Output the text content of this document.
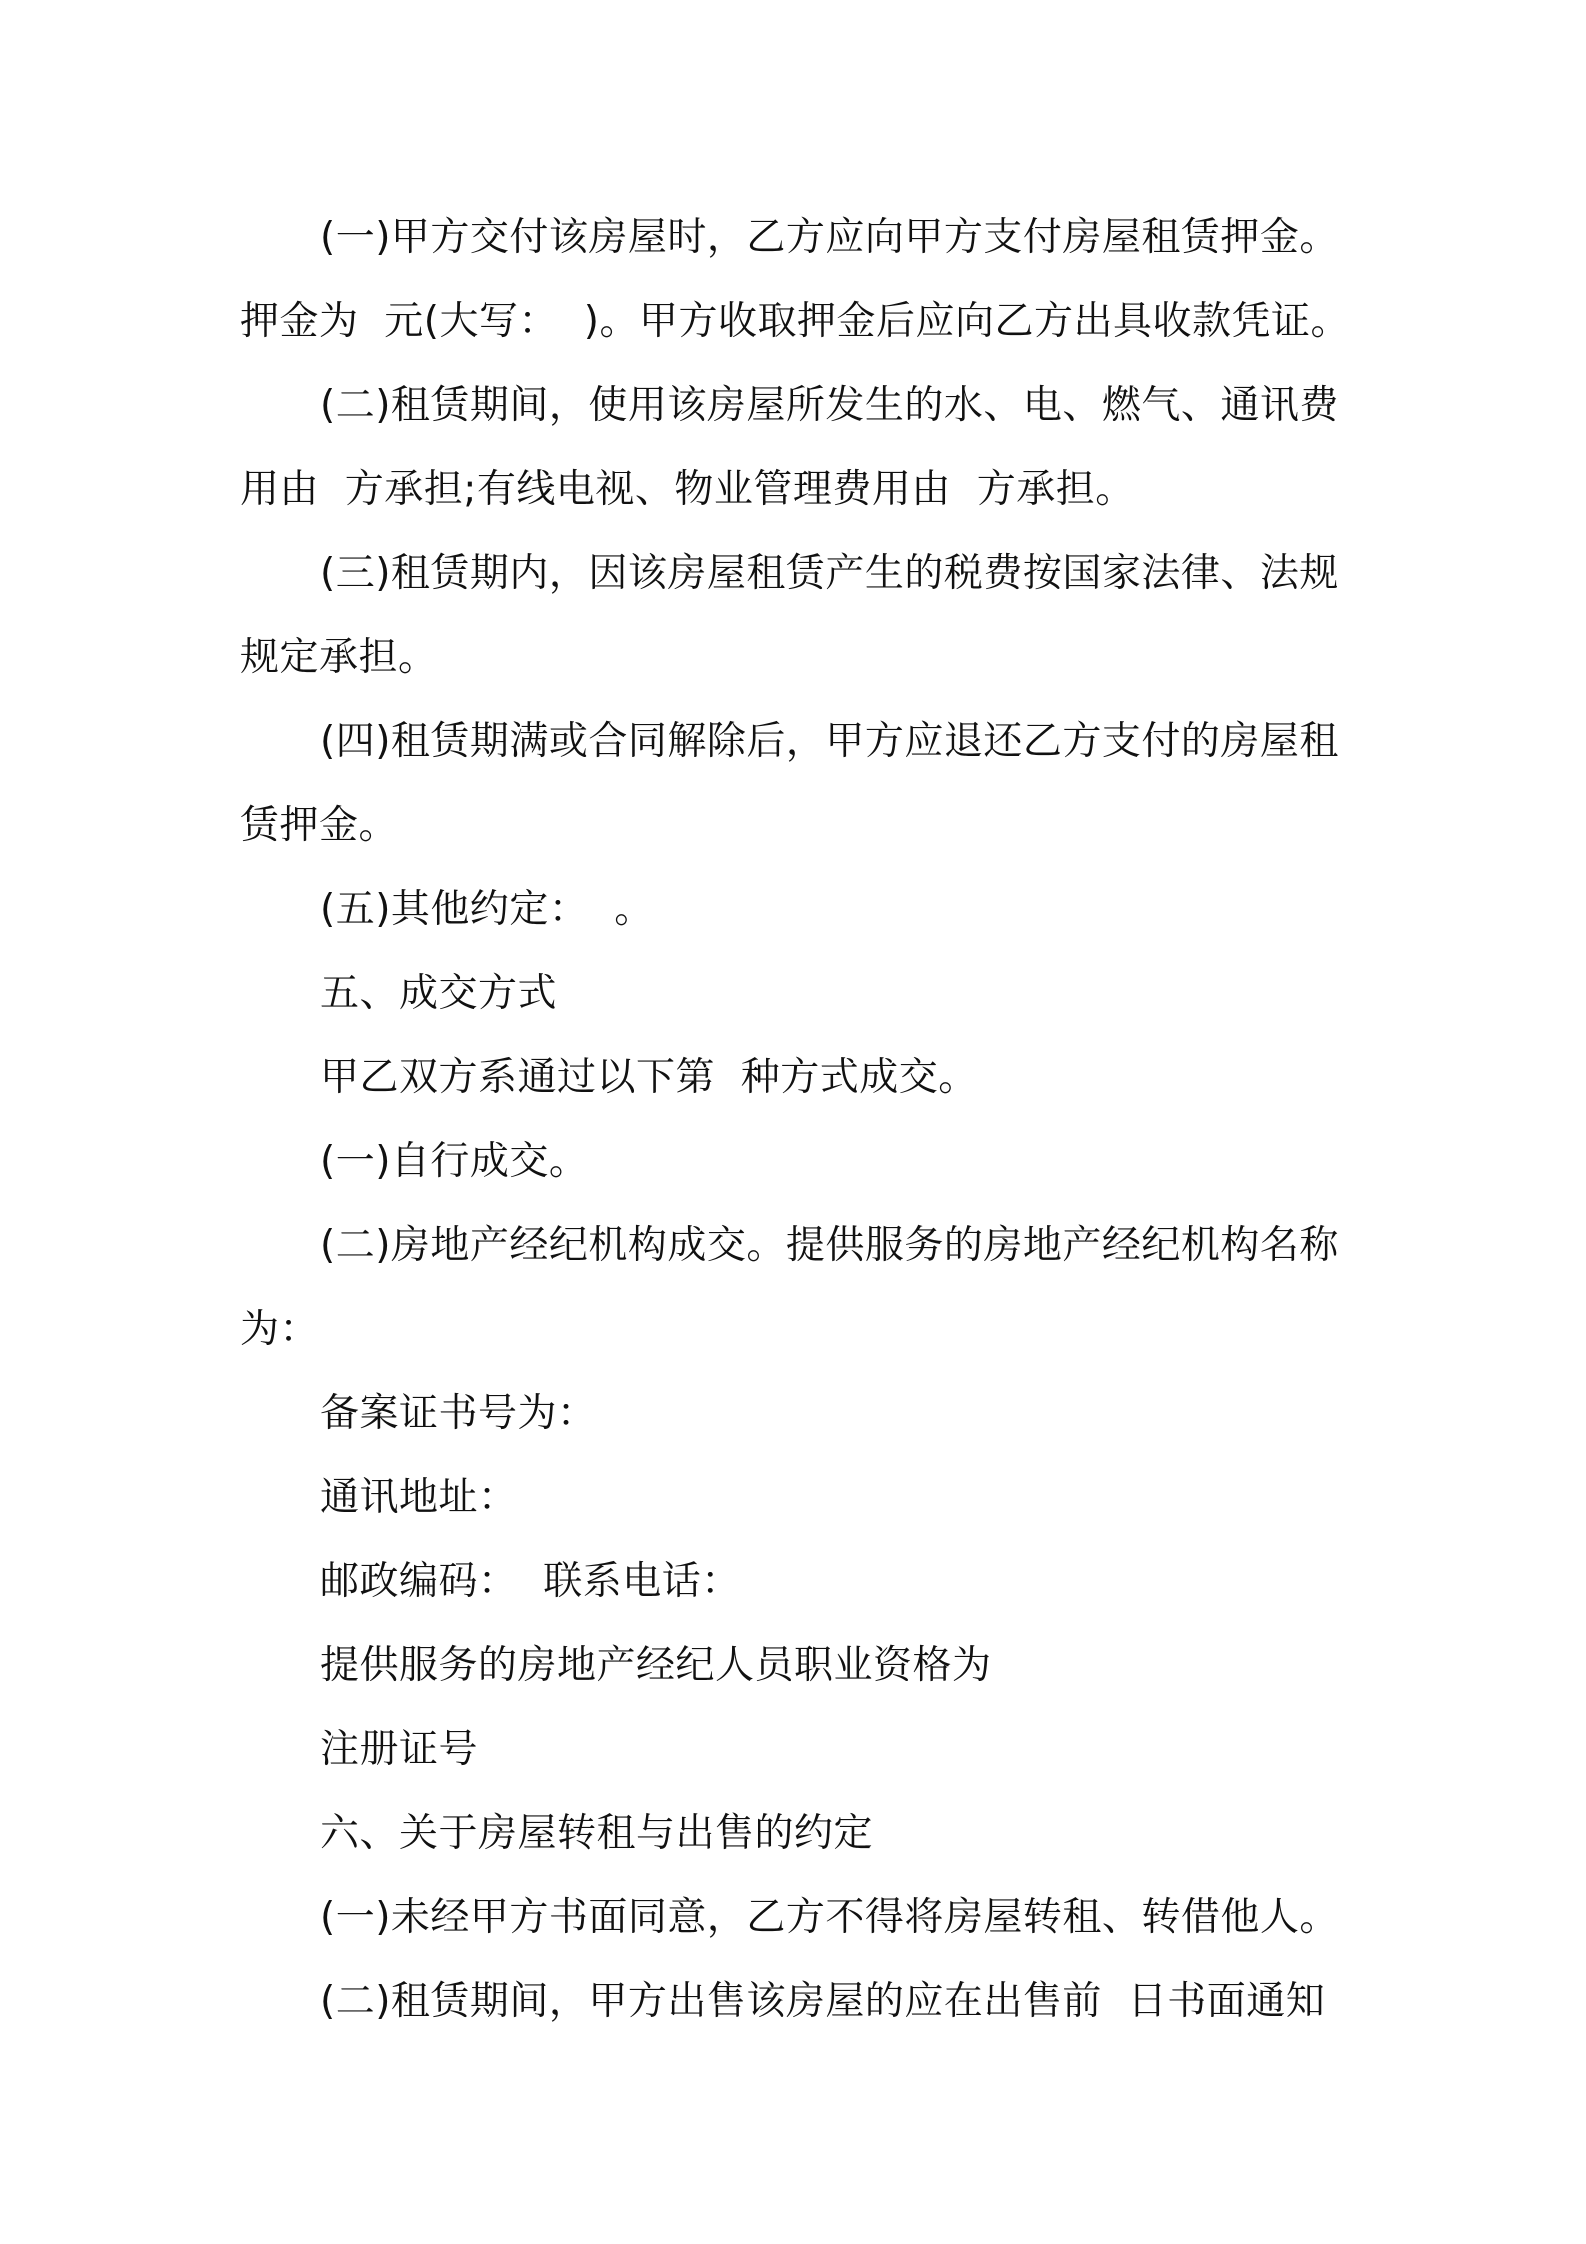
(一)甲方交付该房屋时，乙方应向甲方支付房屋租赁押金。
押金为  元(大写：  )。甲方收取押金后应向乙方出具收款凭证。
(二)租赁期间，使用该房屋所发生的水、电、燃气、通讯费
用由  方承担;有线电视、物业管理费用由  方承担。
(三)租赁期内，因该房屋租赁产生的税费按国家法律、法规
规定承担。
(四)租赁期满或合同解除后，甲方应退还乙方支付的房屋租
赁押金。
(五)其他约定：  。
五、成交方式
甲乙双方系通过以下第  种方式成交。
(一)自行成交。
(二)房地产经纪机构成交。提供服务的房地产经纪机构名称
为：
备案证书号为：
通讯地址：
邮政编码：  联系电话：
提供服务的房地产经纪人员职业资格为
注册证号
六、关于房屋转租与出售的约定
(一)未经甲方书面同意，乙方不得将房屋转租、转借他人。
(二)租赁期间，甲方出售该房屋的应在出售前  日书面通知
